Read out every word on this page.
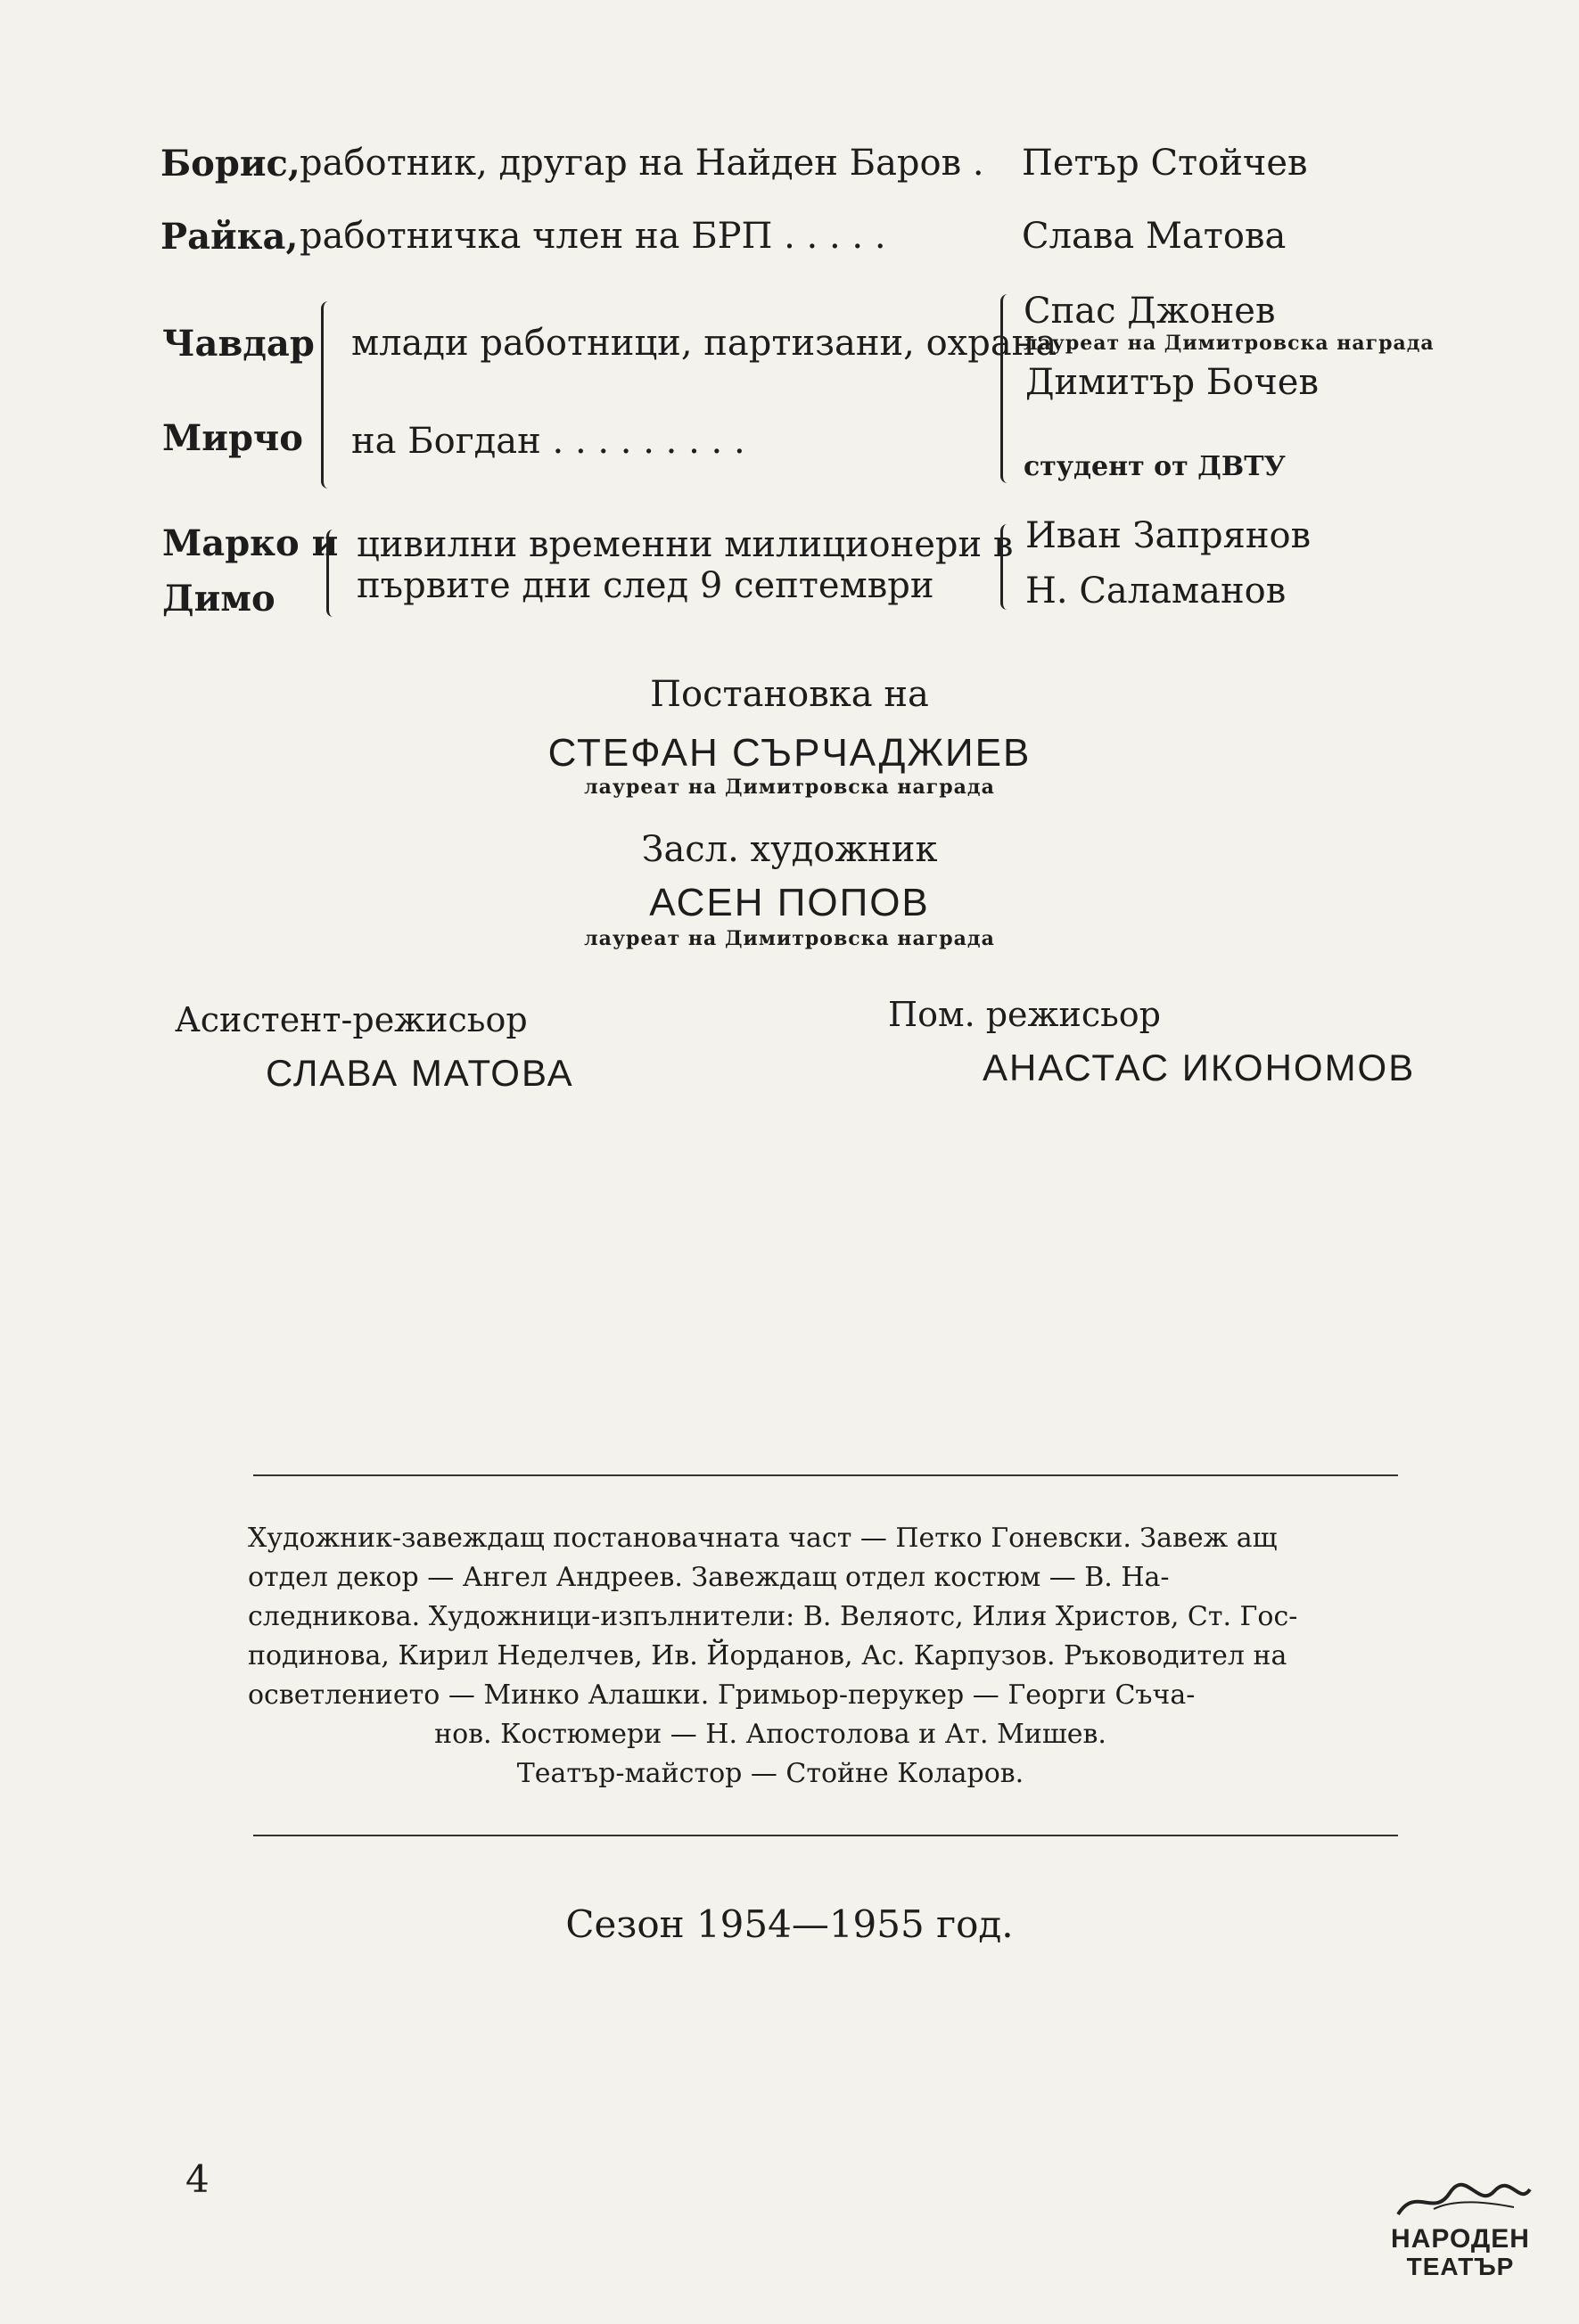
Борис, работник, другар на Найден Баров . Петър Стойчев
Райка, работничка член на БРП . . . . .	Слава Матова
Чавдар
Мирчо
млади работници, партизани, охрана
на Богдан . . . . . . . . .
Спас Джонев
лауреат на Димитровска награда
Димитър Бочев
студент от ДВТУ
Марко и
Димо
цивилни временни милиционери в
първите дни след 9 септември
Иван Запрянов
Н. Саламанов
Постановка на
СТЕФАН СЪРЧАДЖИЕВ
лауреат на Димитровска награда
Засл. художник
АСЕН ПОПОВ
лауреат на Димитровска награда
Асистент-режисьор
СЛАВА МАТОВА
Пом. режисьор
АНАСТАС ИКОНОМОВ
Художник-завеждащ постановачната част — Петко Гоневски. Завеж ащ
отдел декор — Ангел Андреев. Завеждащ отдел костюм — В. На-
следникова. Художници-изпълнители: В. Веляотс, Илия Христов, Ст. Гос-
подинова, Кирил Неделчев, Ив. Йорданов, Ас. Карпузов. Ръководител на
осветлението — Минко Алашки. Гримьор-перукер — Георги Съча-
нов. Костюмери — Н. Апостолова и Ат. Мишев.
Театър-майстор — Стойне Коларов.
Сезон 1954—1955 год.
4
НАРОДЕН
ТЕАТЪР
